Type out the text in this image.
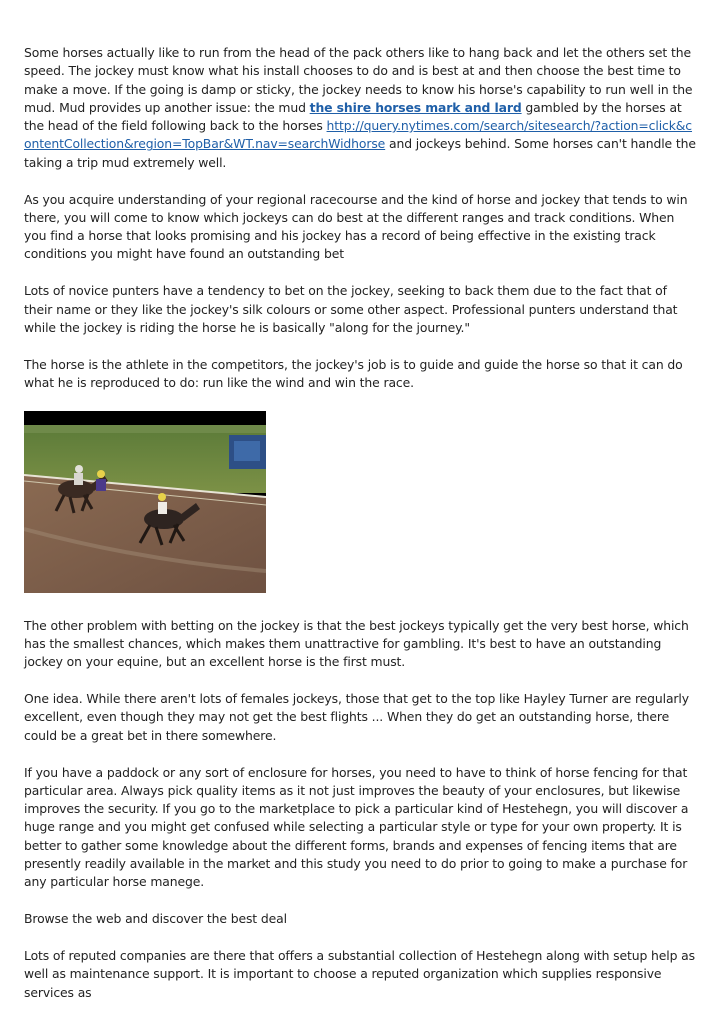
Some horses actually like to run from the head of the pack others like to hang back and let the others set the speed. The jockey must know what his install chooses to do and is best at and then choose the best time to make a move. If the going is damp or sticky, the jockey needs to know his horse's capability to run well in the mud. Mud provides up another issue: the mud the shire horses mark and lard gambled by the horses at the head of the field following back to the horses http://query.nytimes.com/search/sitesearch/?action=click&contentCollection&region=TopBar&WT.nav=searchWidhorse and jockeys behind. Some horses can't handle the taking a trip mud extremely well.

As you acquire understanding of your regional racecourse and the kind of horse and jockey that tends to win there, you will come to know which jockeys can do best at the different ranges and track conditions. When you find a horse that looks promising and his jockey has a record of being effective in the existing track conditions you might have found an outstanding bet

Lots of novice punters have a tendency to bet on the jockey, seeking to back them due to the fact that of their name or they like the jockey's silk colours or some other aspect. Professional punters understand that while the jockey is riding the horse he is basically "along for the journey."

The horse is the athlete in the competitors, the jockey's job is to guide and guide the horse so that it can do what he is reproduced to do: run like the wind and win the race.

The other problem with betting on the jockey is that the best jockeys typically get the very best horse, which has the smallest chances, which makes them unattractive for gambling. It's best to have an outstanding jockey on your equine, but an excellent horse is the first must.

One idea. While there aren't lots of females jockeys, those that get to the top like Hayley Turner are regularly excellent, even though they may not get the best flights ... When they do get an outstanding horse, there could be a great bet in there somewhere.

If you have a paddock or any sort of enclosure for horses, you need to have to think of horse fencing for that particular area. Always pick quality items as it not just improves the beauty of your enclosures, but likewise improves the security. If you go to the marketplace to pick a particular kind of Hestehegn, you will discover a huge range and you might get confused while selecting a particular style or type for your own property. It is better to gather some knowledge about the different forms, brands and expenses of fencing items that are presently readily available in the market and this study you need to do prior to going to make a purchase for any particular horse manege.

Browse the web and discover the best deal

Lots of reputed companies are there that offers a substantial collection of Hestehegn along with setup help as well as maintenance support. It is important to choose a reputed organization which supplies responsive services as
